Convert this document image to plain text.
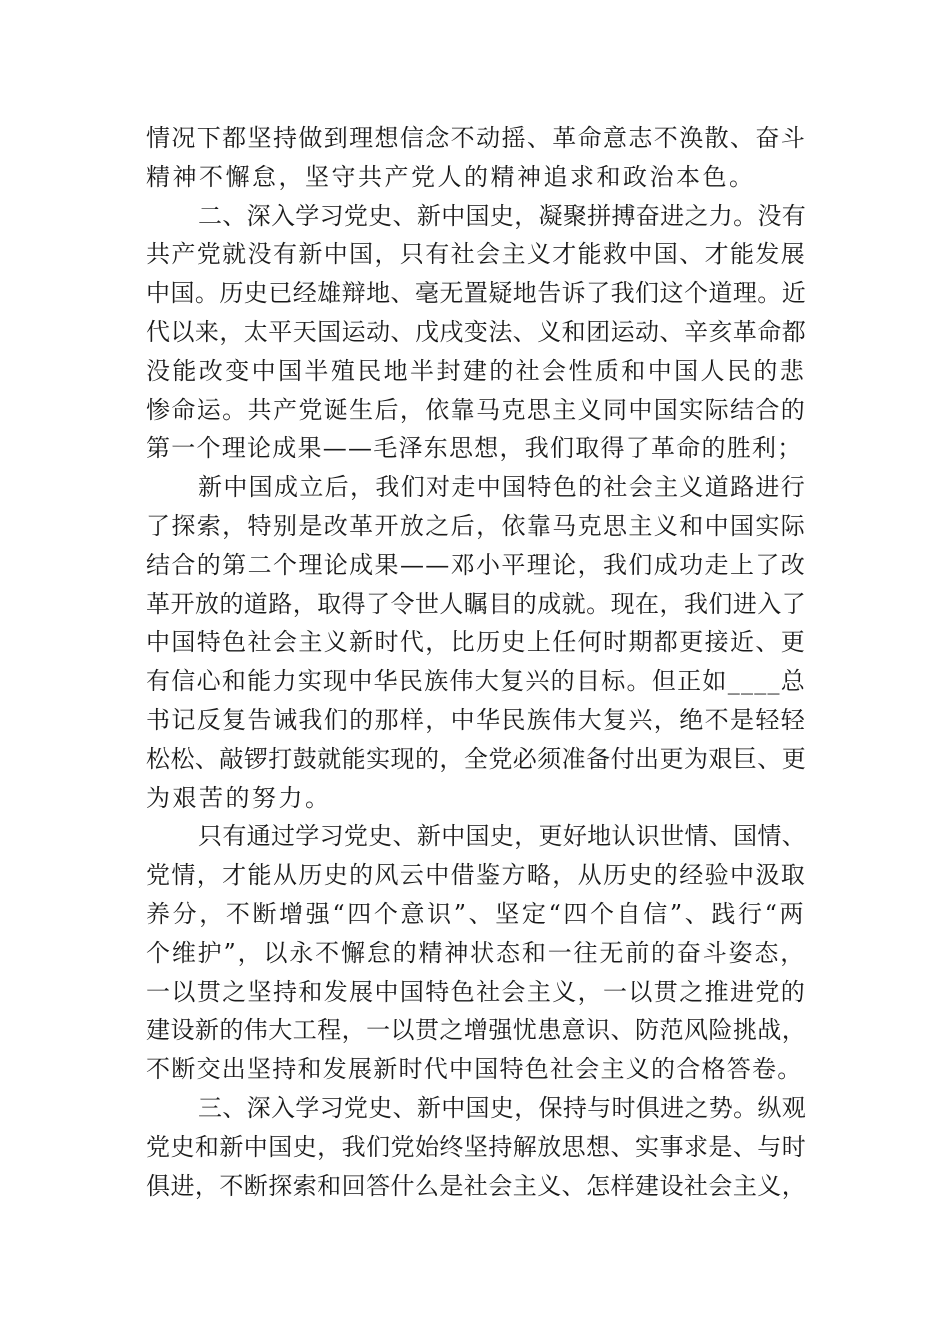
情况下都坚持做到理想信念不动摇、革命意志不涣散、奋斗
精神不懈怠，坚守共产党人的精神追求和政治本色。
二、深入学习党史、新中国史，凝聚拼搏奋进之力。没有
共产党就没有新中国，只有社会主义才能救中国、才能发展
中国。历史已经雄辩地、毫无置疑地告诉了我们这个道理。近
代以来，太平天国运动、戊戌变法、义和团运动、辛亥革命都
没能改变中国半殖民地半封建的社会性质和中国人民的悲
惨命运。共产党诞生后，依靠马克思主义同中国实际结合的
第一个理论成果——毛泽东思想，我们取得了革命的胜利；
新中国成立后，我们对走中国特色的社会主义道路进行
了探索，特别是改革开放之后，依靠马克思主义和中国实际
结合的第二个理论成果——邓小平理论，我们成功走上了改
革开放的道路，取得了令世人瞩目的成就。现在，我们进入了
中国特色社会主义新时代，比历史上任何时期都更接近、更
有信心和能力实现中华民族伟大复兴的目标。但正如____总
书记反复告诫我们的那样，中华民族伟大复兴，绝不是轻轻
松松、敲锣打鼓就能实现的，全党必须准备付出更为艰巨、更
为艰苦的努力。
只有通过学习党史、新中国史，更好地认识世情、国情、
党情，才能从历史的风云中借鉴方略，从历史的经验中汲取
养分，不断增强“四个意识”、坚定“四个自信”、践行“两
个维护”，以永不懈怠的精神状态和一往无前的奋斗姿态，
一以贯之坚持和发展中国特色社会主义，一以贯之推进党的
建设新的伟大工程，一以贯之增强忧患意识、防范风险挑战，
不断交出坚持和发展新时代中国特色社会主义的合格答卷。
三、深入学习党史、新中国史，保持与时俱进之势。纵观
党史和新中国史，我们党始终坚持解放思想、实事求是、与时
俱进，不断探索和回答什么是社会主义、怎样建设社会主义，
